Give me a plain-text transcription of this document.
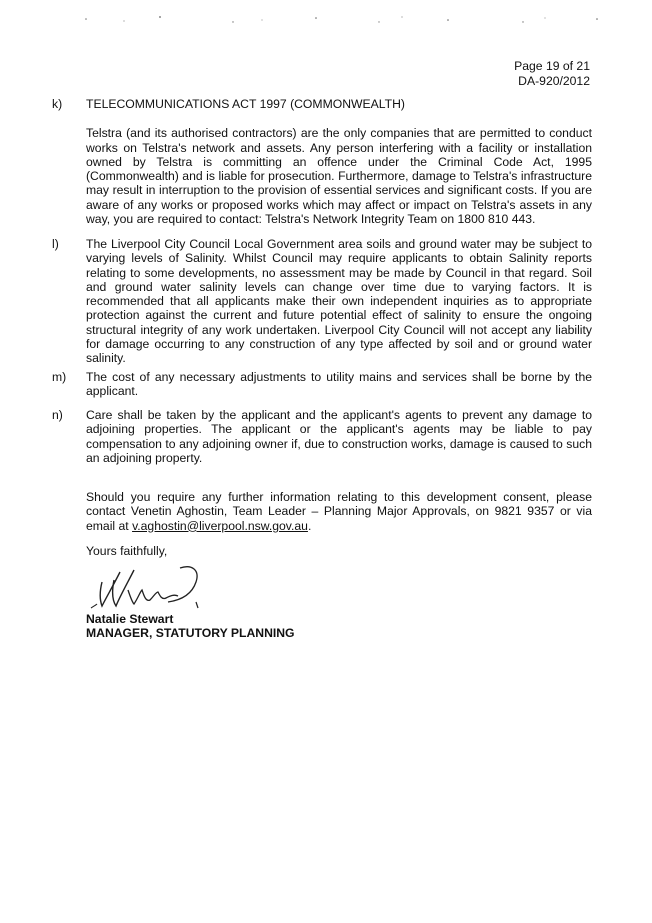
Page 19 of 21
DA-920/2012
k) TELECOMMUNICATIONS ACT 1997 (COMMONWEALTH)

Telstra (and its authorised contractors) are the only companies that are permitted to conduct works on Telstra's network and assets. Any person interfering with a facility or installation owned by Telstra is committing an offence under the Criminal Code Act, 1995 (Commonwealth) and is liable for prosecution. Furthermore, damage to Telstra's infrastructure may result in interruption to the provision of essential services and significant costs. If you are aware of any works or proposed works which may affect or impact on Telstra's assets in any way, you are required to contact: Telstra's Network Integrity Team on 1800 810 443.

l) The Liverpool City Council Local Government area soils and ground water may be subject to varying levels of Salinity. Whilst Council may require applicants to obtain Salinity reports relating to some developments, no assessment may be made by Council in that regard. Soil and ground water salinity levels can change over time due to varying factors. It is recommended that all applicants make their own independent inquiries as to appropriate protection against the current and future potential effect of salinity to ensure the ongoing structural integrity of any work undertaken. Liverpool City Council will not accept any liability for damage occurring to any construction of any type affected by soil and or ground water salinity.

m) The cost of any necessary adjustments to utility mains and services shall be borne by the applicant.

n) Care shall be taken by the applicant and the applicant's agents to prevent any damage to adjoining properties. The applicant or the applicant's agents may be liable to pay compensation to any adjoining owner if, due to construction works, damage is caused to such an adjoining property.

Should you require any further information relating to this development consent, please contact Venetin Aghostin, Team Leader – Planning Major Approvals, on 9821 9357 or via email at v.aghostin@liverpool.nsw.gov.au.

Yours faithfully,

Natalie Stewart
MANAGER, STATUTORY PLANNING
